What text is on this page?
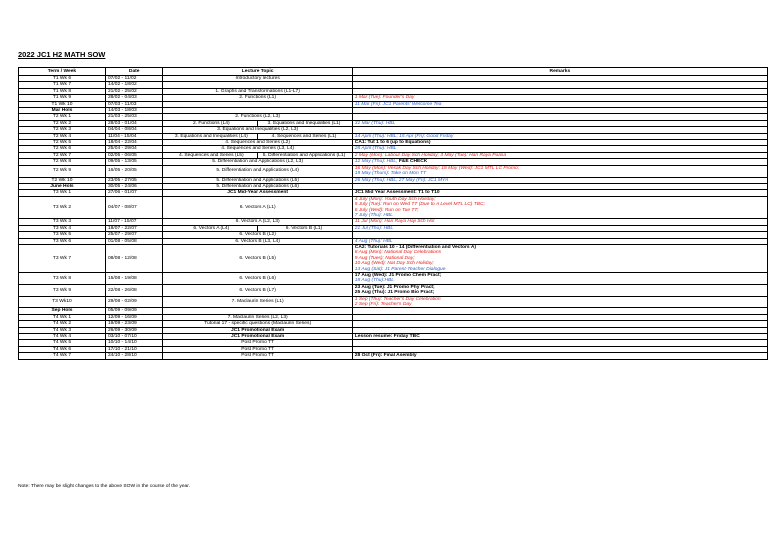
2022 JC1 H2 MATH SOW
Term / Week	Date	Lecture Topic	Remarks
T1 Wk 6	07/02 - 11/02	Introductory lectures	
T1 Wk 7	14/02 - 18/02		
T1 Wk 8	21/02 - 25/02	1. Graphs and Transformations (L1-L7)	
T1 Wk 9	28/02 - 04/03	2. Functions (L1)	1 Mar (Tue): Founder's Day
T1 Wk 10	07/03 - 11/03		11 Mar (Fri): JC1 Parents' Welcome Tea
Mar Hols	14/03 - 18/03		
T2 Wk 1	21/03 - 25/03	2. Functions (L2, L3)	
T2 Wk 2	28/03 - 01/04	2. Functions (L4) 3. Equations and Inequalities (L1)	31 Mar (Thu): HBL
T2 Wk 3	04/04 - 08/04	3. Equations and Inequalities (L2, L3)	
T2 Wk 4	11/04 - 15/04	3. Equations and Inequalities (L4) 4. Sequences and Series (L1)	14 April (Thu): HBL; 15 Apr (Fri): Good Friday
T2 Wk 5	18/04 - 22/04	4. Sequences and Series (L2)	CA1: Tut 1 to 6 (up to Equations)
T2 Wk 6	25/04 - 29/04	4. Sequences and Series (L3, L4)	28 April (Thu): HBL
T2 Wk 7	02/05 - 06/05	4. Sequences and Series (L5) 5. Differentiation and Applications (L1)	2 May (Mon): Labour Day Sch Holiday; 3 May (Tue): Hari Raya Puasa
T2 Wk 8	09/05 - 13/05	5. Differentiation and Applications (L2, L3)	12 May (Thu): HBL; F&E CHECK
T2 Wk 9	16/05 - 20/05	5. Differentiation and Applications (L4)	16 May (Mon): Vesak Day Sch Holiday; 18 May (Wed): JC1 MTL LC Promo;
19 May (Thurs): Take on Mon TT

T2 Wk 10	23/05 - 27/05	5. Differentiation and Applications (L5)	26 May (Thu): HBL; 27 May (Fri): JC1 MYA
June Hols	30/05 - 24/06	5. Differentiation and Applications (L6)	
T3 Wk 1	27/06 - 01/07	JC1 Mid-Year Assessment	JC1 Mid Year Assessment: T1 to T10
T3 Wk 2	04/07 - 08/07	6. Vectors A (L1)	4 July (Mon): Youth Day Sch Holiday;
5 July (Tue): Run on Wed TT (Due to A Level MTL LC) TBC;
6 July (Wed): Run on Tue TT;
7 July (Thu): HBL

T3 Wk 3	11/07 - 15/07	6. Vectors A (L2, L3)	11 Jul (Mon): Hari Raya Haji Sch Hol
T3 Wk 4	18/07 - 22/07	6. Vectors A (L4) 6. Vectors B (L1)	21 Jul (Thu): HBL
T3 Wk 5	25/07 - 29/07	6. Vectors B (L2)	
T3 Wk 6	01/08 - 05/08	6. Vectors B (L3, L4)	4 Aug (Thu): HBL
T3 Wk 7	08/08 - 12/08	6. Vectors B (L5)	CA2: Tutorials 10 - 14 (Differentiation and Vectors A)
8 Aug (Mon): National Day Celebrations
9 Aug (Tues): National Day;
10 Aug (Wed): Nat Day Sch Holiday;
13 Aug (Sat): J1 Parent-Teacher Dialogue

T3 Wk 8	15/08 - 19/08	6. Vectors B (L6)	17 Aug (Wed): J1 Promo Chem Pract;
18 Aug (Thu):HBL

T3 Wk 9	22/08 - 26/08	6. Vectors B (L7)	23 Aug (Tue): J1 Promo Phy Pract;
25 Aug (Thu): J1 Promo Bio Pract;

T3 Wk10	29/08 - 02/09	7. Maclaurin Series (L1)	1 Sep (Thu): Teacher's Day Celebration
2 Sep (Fri): Teacher's Day

Sep Hols	05/09 - 09/09		
T4 Wk 1	12/09 - 16/09	7. Maclaurin Series (L2, L3)	
T4 Wk 2	19/09 - 23/09	Tutorial 17 - specific questions (Maclaurin Series)	
T4 Wk 3	26/09 - 30/09	JC1 Promotional Exam	
T4 Wk 4	03/10 - 07/10	JC1 Promotional Exam	Lesson resume: Friday TBC
T4 Wk 5	10/10 - 14/10	Post Promo TT	
T4 Wk 6	17/10 - 21/10	Post Promo TT	
T4 Wk 7	24/10 - 28/10	Post Promo TT	28 Oct (Fri): Final Asembly
Note: There may be slight changes to the above SOW in the course of the year.
